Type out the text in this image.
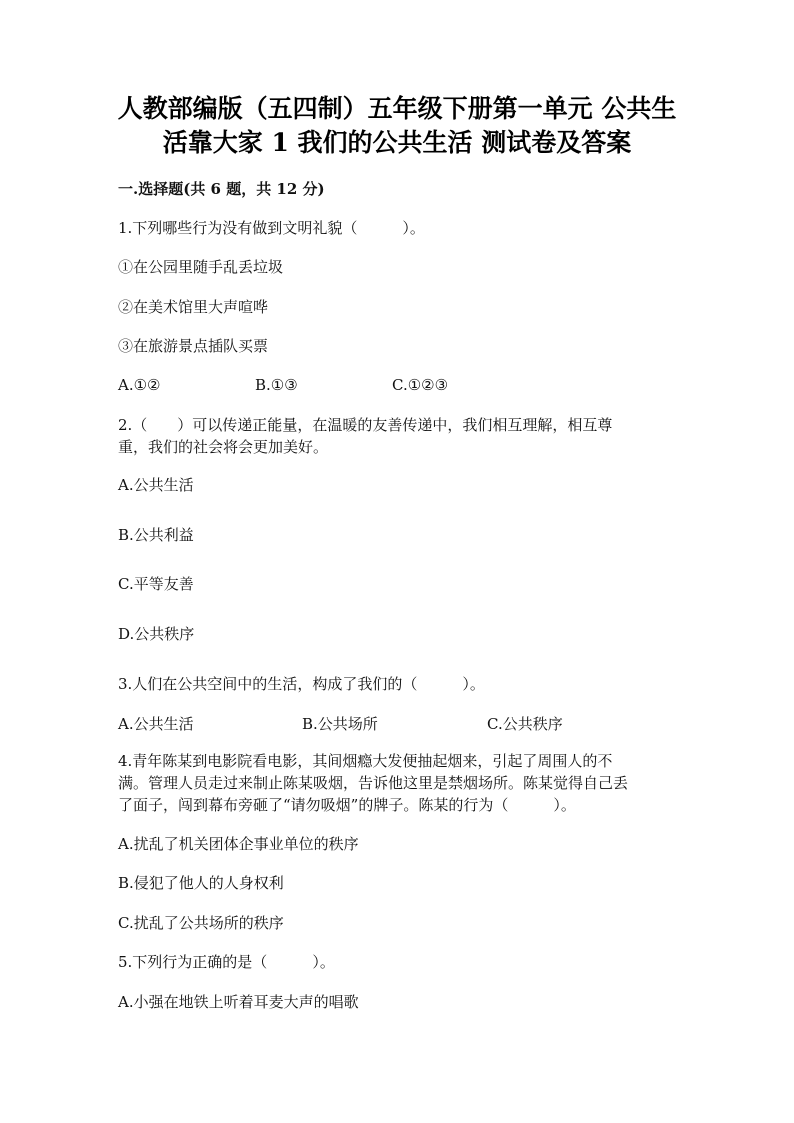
人教部编版（五四制）五年级下册第一单元 公共生
活靠大家 1 我们的公共生活 测试卷及答案
一.选择题(共 6 题，共 12 分)
1.下列哪些行为没有做到文明礼貌（　　　）。
①在公园里随手乱丢垃圾
②在美术馆里大声喧哗
③在旅游景点插队买票
A.①②	B.①③	C.①②③
2.（　　）可以传递正能量，在温暖的友善传递中，我们相互理解，相互尊
重，我们的社会将会更加美好。
A.公共生活
B.公共利益
C.平等友善
D.公共秩序
3.人们在公共空间中的生活，构成了我们的（　　　）。
A.公共生活	B.公共场所	C.公共秩序
4.青年陈某到电影院看电影，其间烟瘾大发便抽起烟来，引起了周围人的不
满。管理人员走过来制止陈某吸烟，告诉他这里是禁烟场所。陈某觉得自己丢
了面子，闯到幕布旁砸了“请勿吸烟”的牌子。陈某的行为（　　　）。
A.扰乱了机关团体企事业单位的秩序
B.侵犯了他人的人身权利
C.扰乱了公共场所的秩序
5.下列行为正确的是（　　　）。
A.小强在地铁上听着耳麦大声的唱歌
